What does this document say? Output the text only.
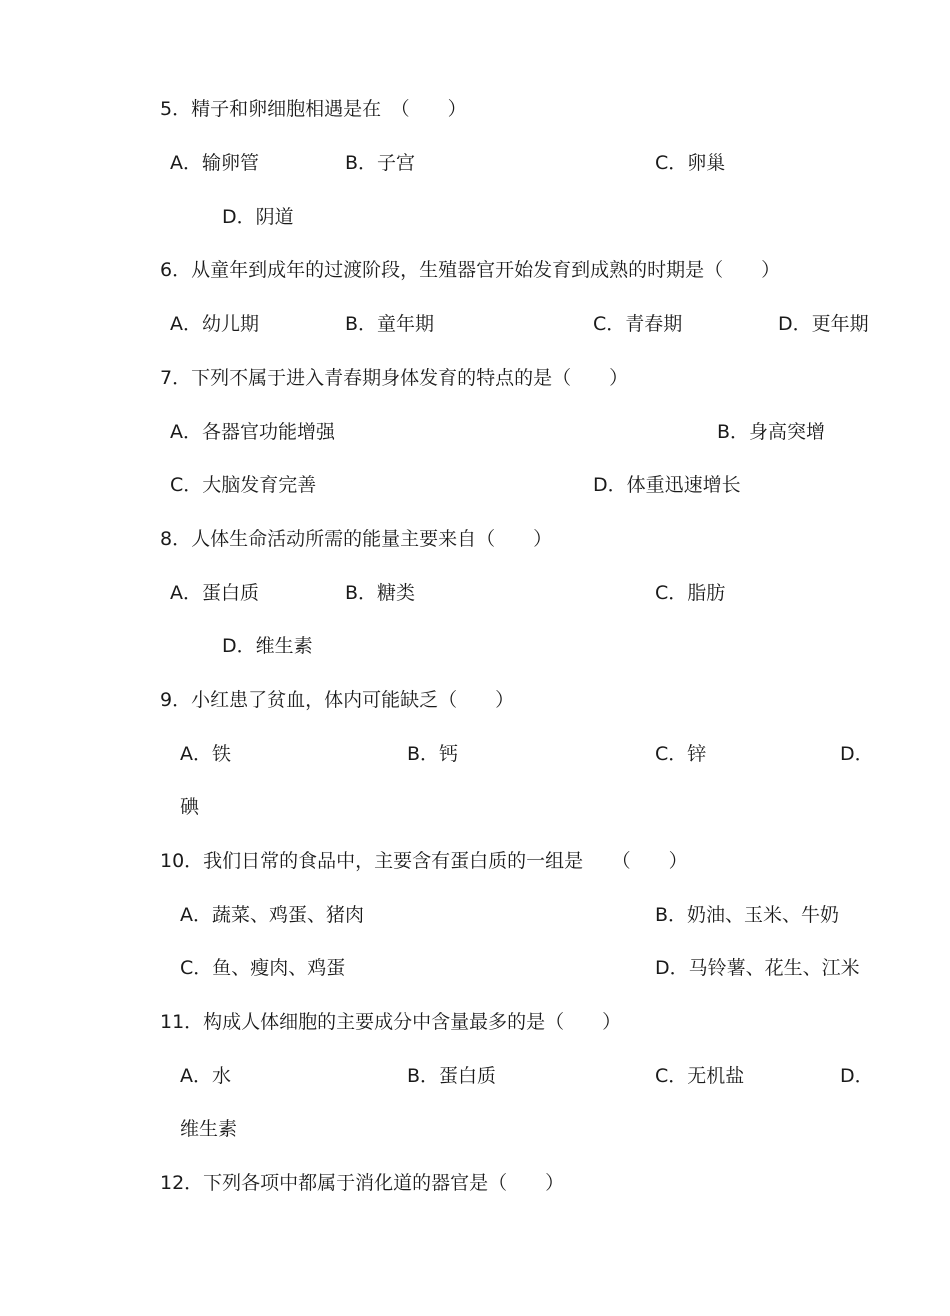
5．精子和卵细胞相遇是在　（　　）
A．输卵管	B．子宫	C．卵巢
D．阴道
6．从童年到成年的过渡阶段，生殖器官开始发育到成熟的时期是（　　）
A．幼儿期	B．童年期	C．青春期	D．更年期
7．下列不属于进入青春期身体发育的特点的是（　　）
A．各器官功能增强	B．身高突增
C．大脑发育完善	D．体重迅速增长
8．人体生命活动所需的能量主要来自（　　）
A．蛋白质	B．糖类	C．脂肪
D．维生素
9．小红患了贫血，体内可能缺乏（　　）
A．铁	B．钙	C．锌	D．
碘
10．我们日常的食品中，主要含有蛋白质的一组是　　（　　）
A．蔬菜、鸡蛋、猪肉	B．奶油、玉米、牛奶
C．鱼、瘦肉、鸡蛋	D．马铃薯、花生、江米
11．构成人体细胞的主要成分中含量最多的是（　　）
A．水	B．蛋白质	C．无机盐	D．
维生素
12．下列各项中都属于消化道的器官是（　　）
